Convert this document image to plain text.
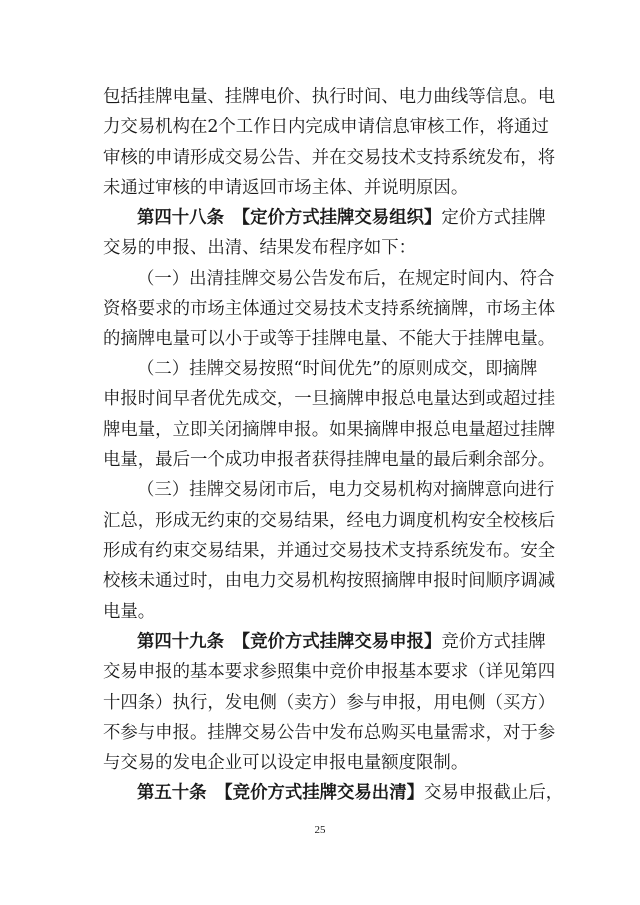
包括挂牌电量、挂牌电价、执行时间、电力曲线等信息。电
力交易机构在2个工作日内完成申请信息审核工作，将通过
审核的申请形成交易公告、并在交易技术支持系统发布，将
未通过审核的申请返回市场主体、并说明原因。
第四十八条  【定价方式挂牌交易组织】定价方式挂牌
交易的申报、出清、结果发布程序如下：
（一）出清挂牌交易公告发布后，在规定时间内、符合
资格要求的市场主体通过交易技术支持系统摘牌，市场主体
的摘牌电量可以小于或等于挂牌电量、不能大于挂牌电量。
（二）挂牌交易按照“时间优先”的原则成交，即摘牌
申报时间早者优先成交，一旦摘牌申报总电量达到或超过挂
牌电量，立即关闭摘牌申报。如果摘牌申报总电量超过挂牌
电量，最后一个成功申报者获得挂牌电量的最后剩余部分。
（三）挂牌交易闭市后，电力交易机构对摘牌意向进行
汇总，形成无约束的交易结果，经电力调度机构安全校核后
形成有约束交易结果，并通过交易技术支持系统发布。安全
校核未通过时，由电力交易机构按照摘牌申报时间顺序调减
电量。
第四十九条  【竞价方式挂牌交易申报】竞价方式挂牌
交易申报的基本要求参照集中竞价申报基本要求（详见第四
十四条）执行，发电侧（卖方）参与申报，用电侧（买方）
不参与申报。挂牌交易公告中发布总购买电量需求，对于参
与交易的发电企业可以设定申报电量额度限制。
第五十条  【竞价方式挂牌交易出清】交易申报截止后，
25
